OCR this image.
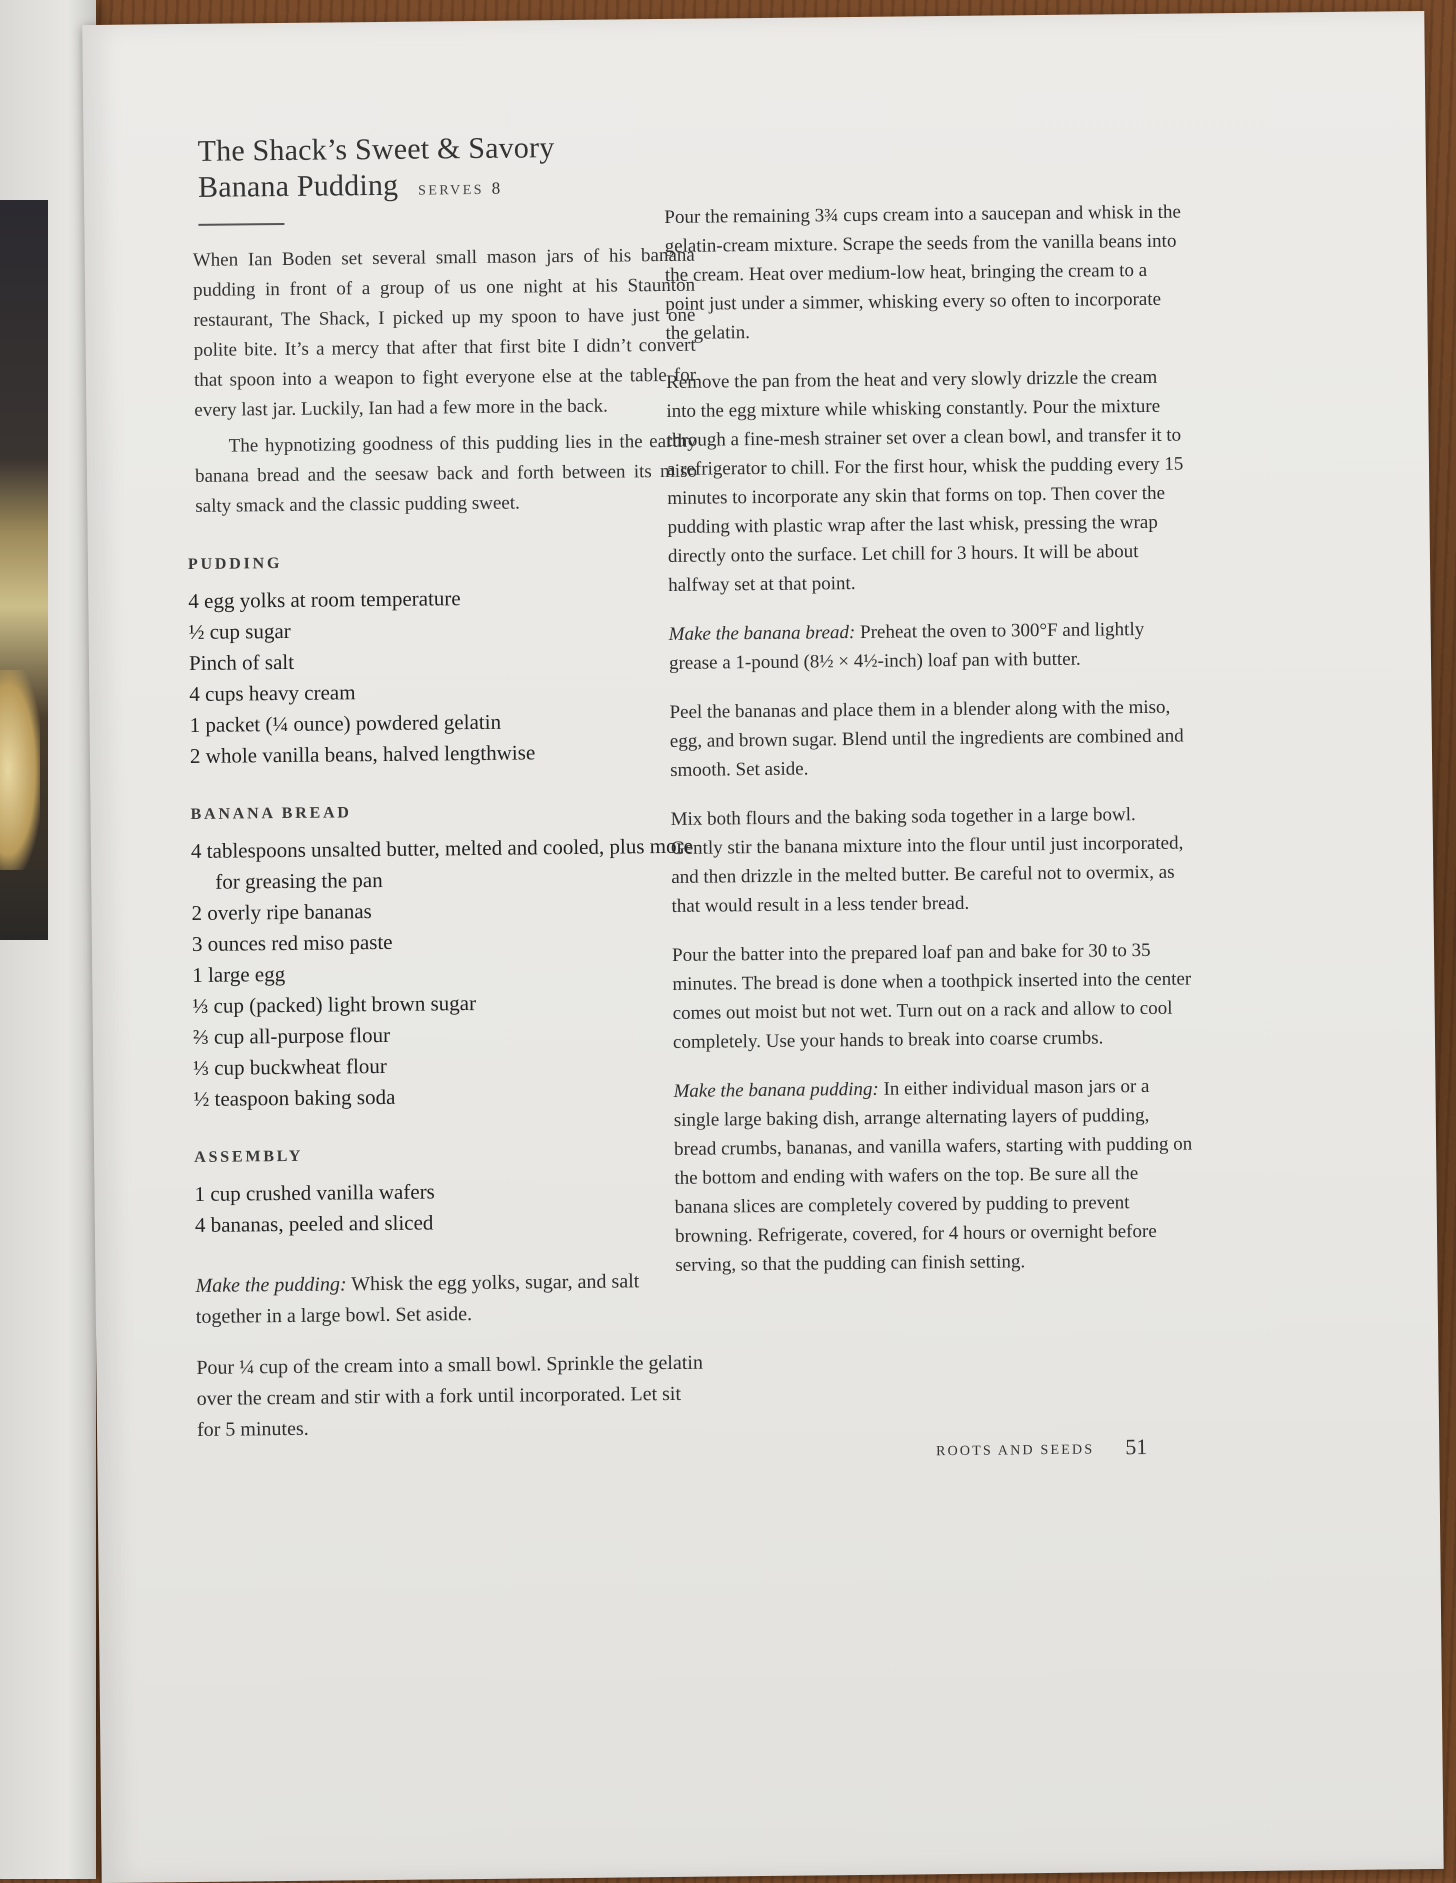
The Shack’s Sweet & Savory
Banana Pudding SERVES 8

When Ian Boden set several small mason jars of his banana pudding in front of a group of us one night at his Staunton restaurant, The Shack, I picked up my spoon to have just one polite bite. It’s a mercy that after that first bite I didn’t convert that spoon into a weapon to fight everyone else at the table for every last jar. Luckily, Ian had a few more in the back.

The hypnotizing goodness of this pudding lies in the earthy banana bread and the seesaw back and forth between its miso salty smack and the classic pudding sweet.

PUDDING

4 egg yolks at room temperature

½ cup sugar

Pinch of salt

4 cups heavy cream

1 packet (¼ ounce) powdered gelatin

2 whole vanilla beans, halved lengthwise

BANANA BREAD

4 tablespoons unsalted butter, melted and cooled, plus more for greasing the pan

2 overly ripe bananas

3 ounces red miso paste

1 large egg

⅓ cup (packed) light brown sugar

⅔ cup all-purpose flour

⅓ cup buckwheat flour

½ teaspoon baking soda

ASSEMBLY

1 cup crushed vanilla wafers

4 bananas, peeled and sliced

Make the pudding: Whisk the egg yolks, sugar, and salt together in a large bowl. Set aside.

Pour ¼ cup of the cream into a small bowl. Sprinkle the gelatin over the cream and stir with a fork until incorporated. Let sit for 5 minutes.

Pour the remaining 3¾ cups cream into a saucepan and whisk in the gelatin-cream mixture. Scrape the seeds from the vanilla beans into the cream. Heat over medium-low heat, bringing the cream to a point just under a simmer, whisking every so often to incorporate the gelatin.

Remove the pan from the heat and very slowly drizzle the cream into the egg mixture while whisking constantly. Pour the mixture through a fine-mesh strainer set over a clean bowl, and transfer it to a refrigerator to chill. For the first hour, whisk the pudding every 15 minutes to incorporate any skin that forms on top. Then cover the pudding with plastic wrap after the last whisk, pressing the wrap directly onto the surface. Let chill for 3 hours. It will be about halfway set at that point.

Make the banana bread: Preheat the oven to 300°F and lightly grease a 1-pound (8½ × 4½-inch) loaf pan with butter.

Peel the bananas and place them in a blender along with the miso, egg, and brown sugar. Blend until the ingredients are combined and smooth. Set aside.

Mix both flours and the baking soda together in a large bowl. Gently stir the banana mixture into the flour until just incorporated, and then drizzle in the melted butter. Be careful not to overmix, as that would result in a less tender bread.

Pour the batter into the prepared loaf pan and bake for 30 to 35 minutes. The bread is done when a toothpick inserted into the center comes out moist but not wet. Turn out on a rack and allow to cool completely. Use your hands to break into coarse crumbs.

Make the banana pudding: In either individual mason jars or a single large baking dish, arrange alternating layers of pudding, bread crumbs, bananas, and vanilla wafers, starting with pudding on the bottom and ending with wafers on the top. Be sure all the banana slices are completely covered by pudding to prevent browning. Refrigerate, covered, for 4 hours or overnight before serving, so that the pudding can finish setting.

ROOTS AND SEEDS 51
